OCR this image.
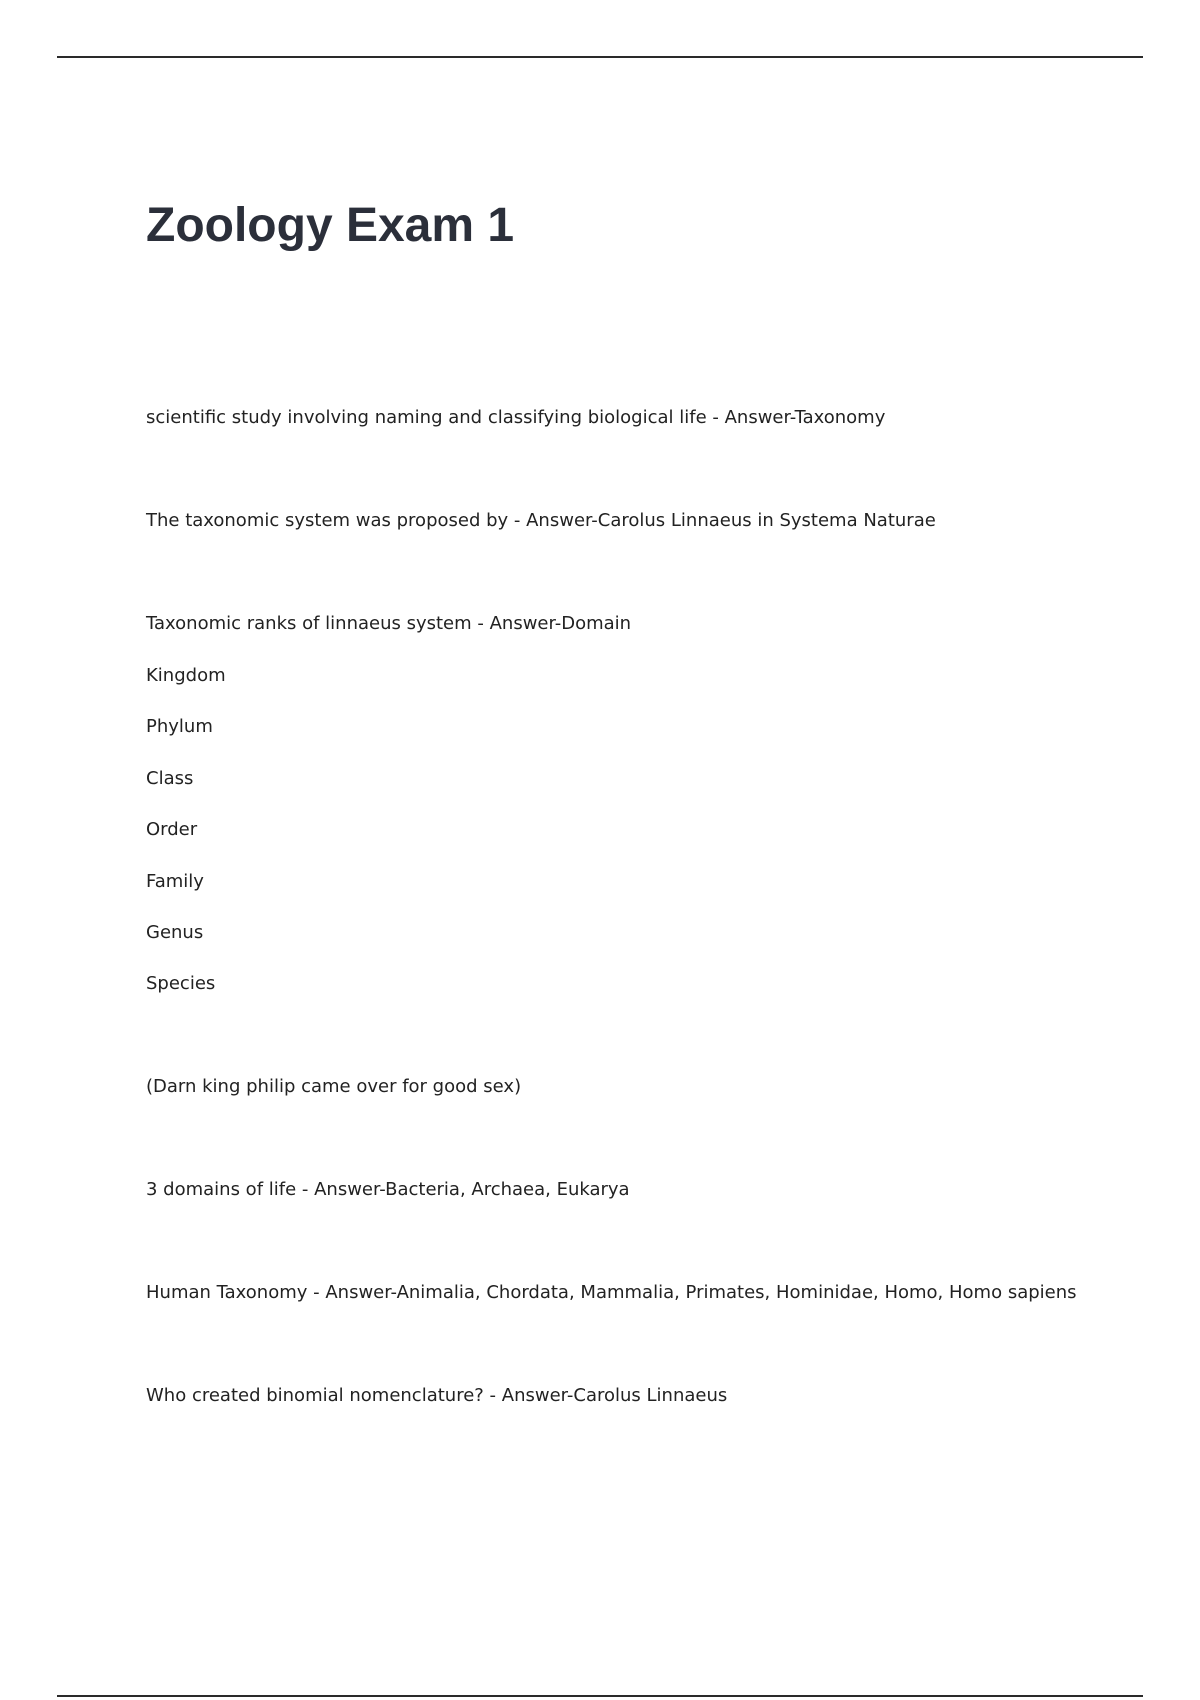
Zoology Exam 1

scientific study involving naming and classifying biological life - Answer-Taxonomy

The taxonomic system was proposed by - Answer-Carolus Linnaeus in Systema Naturae

Taxonomic ranks of linnaeus system - Answer-Domain

Kingdom

Phylum

Class

Order

Family

Genus

Species

(Darn king philip came over for good sex)

3 domains of life - Answer-Bacteria, Archaea, Eukarya

Human Taxonomy - Answer-Animalia, Chordata, Mammalia, Primates, Hominidae, Homo, Homo sapiens

Who created binomial nomenclature? - Answer-Carolus Linnaeus
